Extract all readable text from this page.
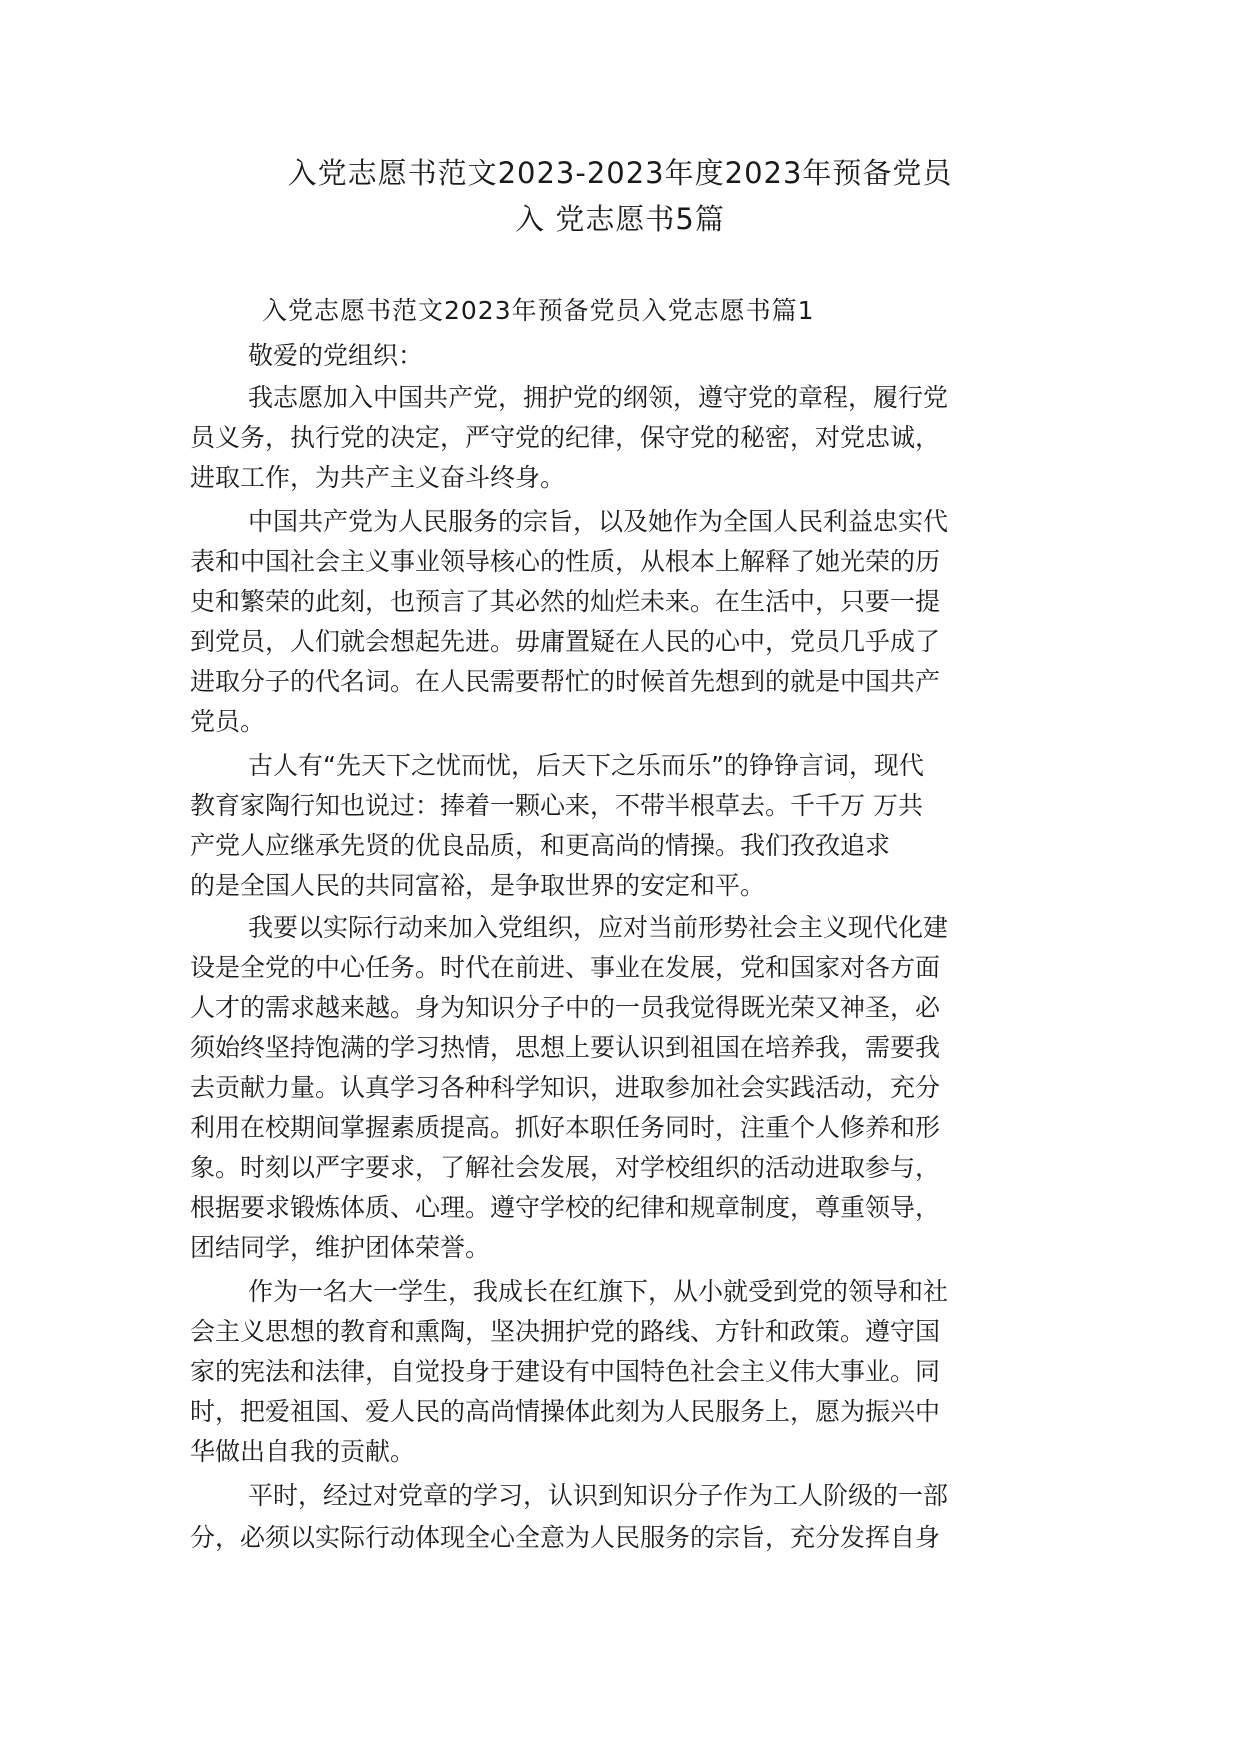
入党志愿书范文2023-2023年度2023年预备党员
入 党志愿书5篇
入党志愿书范文2023年预备党员入党志愿书篇1
敬爱的党组织：
我志愿加入中国共产党，拥护党的纲领，遵守党的章程，履行党
员义务，执行党的决定，严守党的纪律，保守党的秘密，对党忠诚，
进取工作，为共产主义奋斗终身。
中国共产党为人民服务的宗旨，以及她作为全国人民利益忠实代
表和中国社会主义事业领导核心的性质，从根本上解释了她光荣的历
史和繁荣的此刻，也预言了其必然的灿烂未来。在生活中，只要一提
到党员，人们就会想起先进。毋庸置疑在人民的心中，党员几乎成了
进取分子的代名词。在人民需要帮忙的时候首先想到的就是中国共产
党员。
古人有“先天下之忧而忧，后天下之乐而乐”的铮铮言词，现代
教育家陶行知也说过：捧着一颗心来，不带半根草去。千千万 万共
产党人应继承先贤的优良品质，和更高尚的情操。我们孜孜追求
的是全国人民的共同富裕，是争取世界的安定和平。
我要以实际行动来加入党组织，应对当前形势社会主义现代化建
设是全党的中心任务。时代在前进、事业在发展，党和国家对各方面
人才的需求越来越。身为知识分子中的一员我觉得既光荣又神圣，必
须始终坚持饱满的学习热情，思想上要认识到祖国在培养我，需要我
去贡献力量。认真学习各种科学知识，进取参加社会实践活动，充分
利用在校期间掌握素质提高。抓好本职任务同时，注重个人修养和形
象。时刻以严字要求，了解社会发展，对学校组织的活动进取参与，
根据要求锻炼体质、心理。遵守学校的纪律和规章制度，尊重领导，
团结同学，维护团体荣誉。
作为一名大一学生，我成长在红旗下，从小就受到党的领导和社
会主义思想的教育和熏陶，坚决拥护党的路线、方针和政策。遵守国
家的宪法和法律，自觉投身于建设有中国特色社会主义伟大事业。同
时，把爱祖国、爱人民的高尚情操体此刻为人民服务上，愿为振兴中
华做出自我的贡献。
平时，经过对党章的学习，认识到知识分子作为工人阶级的一部
分，必须以实际行动体现全心全意为人民服务的宗旨，充分发挥自身
